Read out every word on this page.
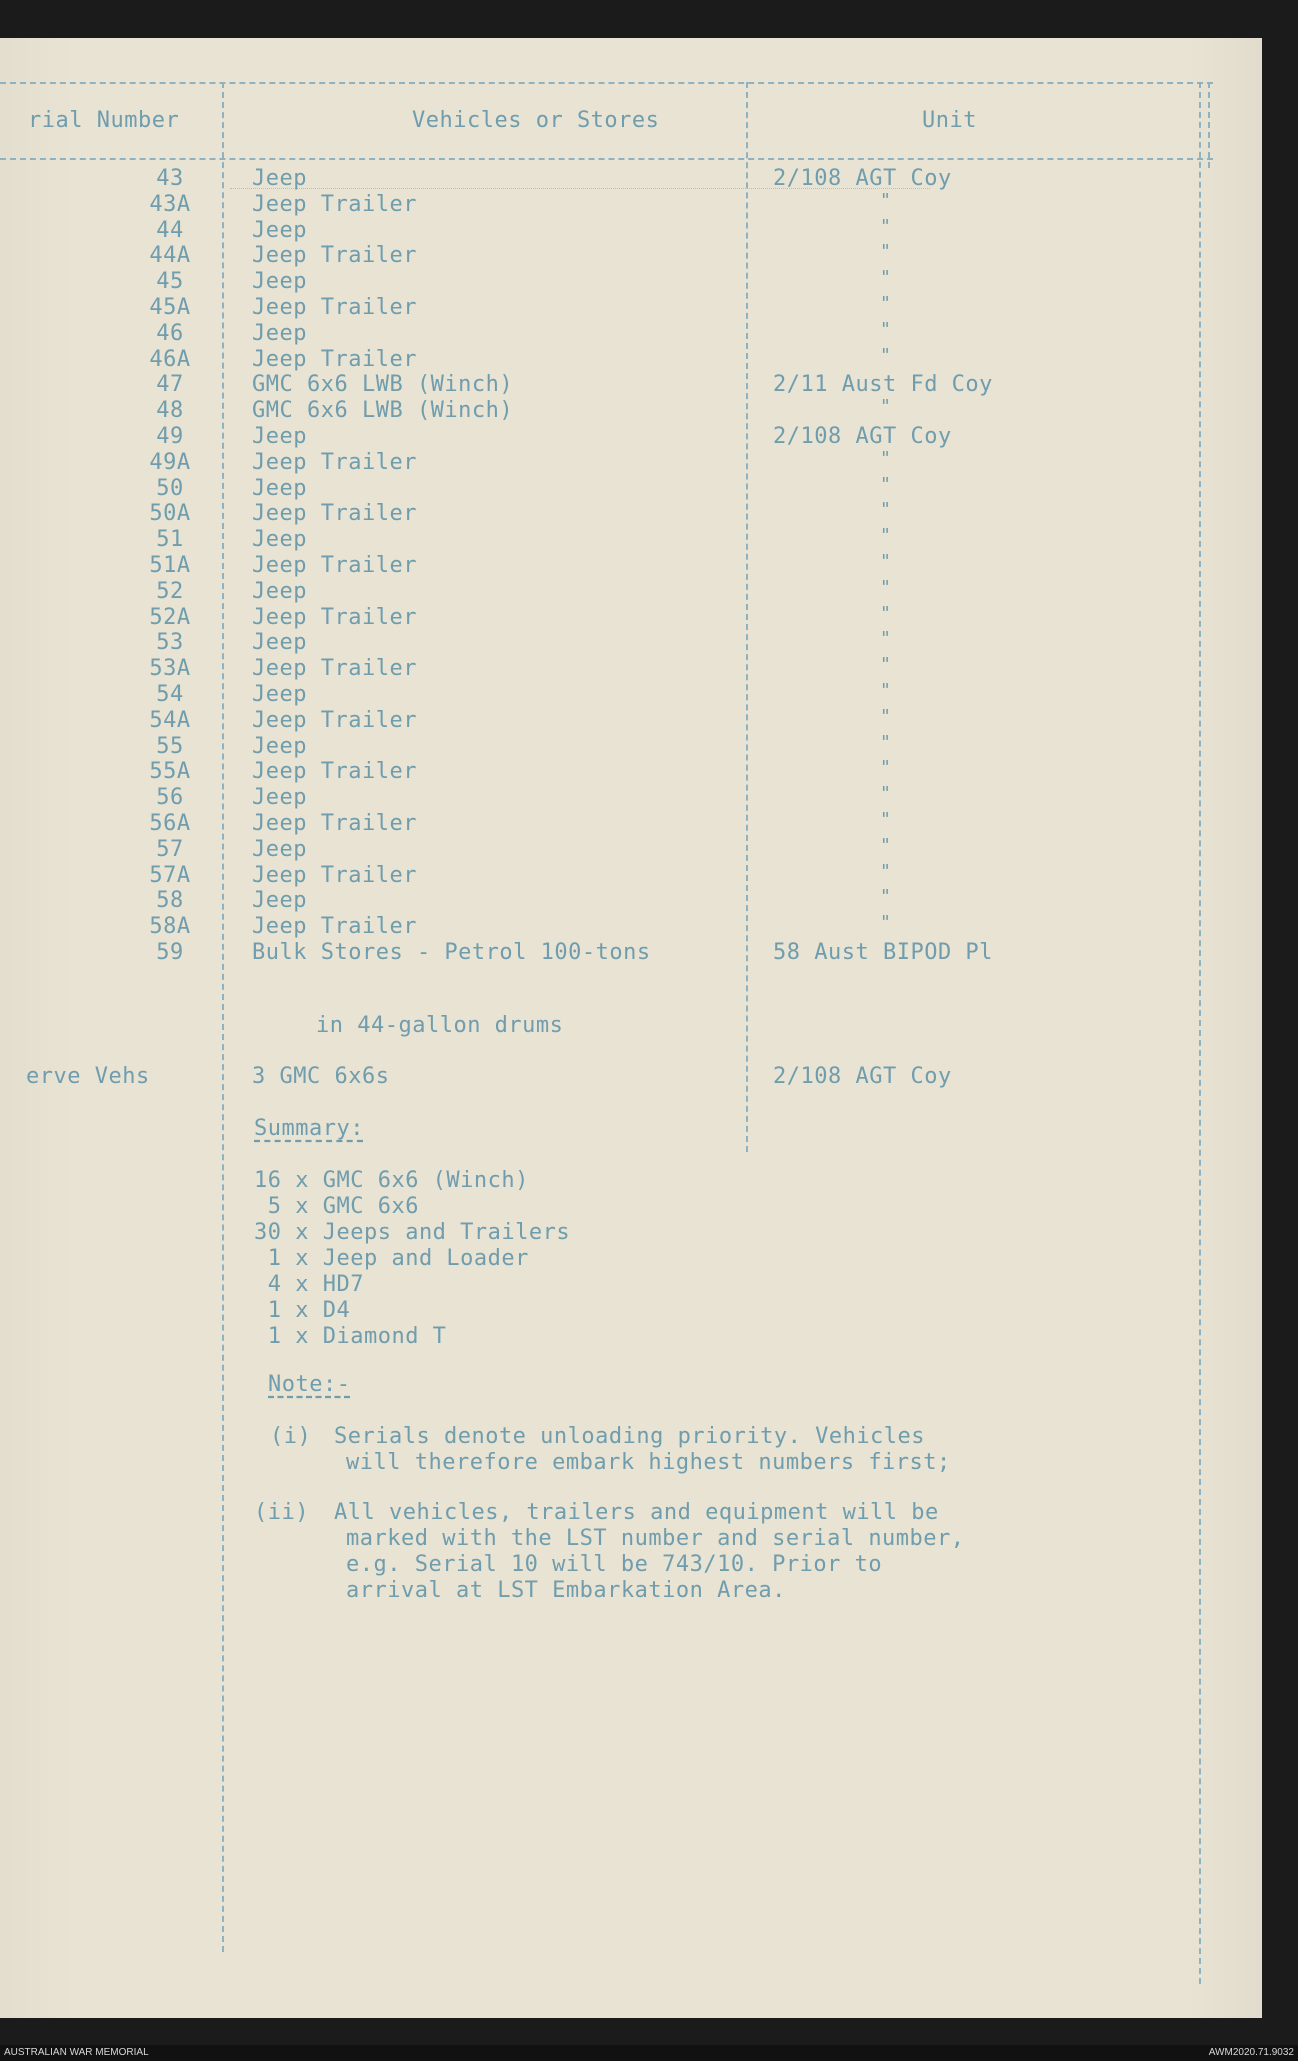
rial Number	Vehicles or Stores	Unit
43	Jeep	2/108 AGT Coy
43A	Jeep Trailer	"
44	Jeep	"
44A	Jeep Trailer	"
45	Jeep	"
45A	Jeep Trailer	"
46	Jeep	"
46A	Jeep Trailer	"
47	GMC 6x6 LWB (Winch)	2/11 Aust Fd Coy
48	GMC 6x6 LWB (Winch)	"
49	Jeep	2/108 AGT Coy
49A	Jeep Trailer	"
50	Jeep	"
50A	Jeep Trailer	"
51	Jeep	"
51A	Jeep Trailer	"
52	Jeep	"
52A	Jeep Trailer	"
53	Jeep	"
53A	Jeep Trailer	"
54	Jeep	"
54A	Jeep Trailer	"
55	Jeep	"
55A	Jeep Trailer	"
56	Jeep	"
56A	Jeep Trailer	"
57	Jeep	"
57A	Jeep Trailer	"
58	Jeep	"
58A	Jeep Trailer	"
59	Bulk Stores - Petrol 100-tons	58 Aust BIPOD Pl
in 44-gallon drums
erve Vehs	3 GMC 6x6s	2/108 AGT Coy
Summary:
16 x GMC 6x6 (Winch)
5 x GMC 6x6
30 x Jeeps and Trailers
1 x Jeep and Loader
4 x HD7
1 x D4
1 x Diamond T
Note:-
(i) Serials denote unloading priority. Vehicles
will therefore embark highest numbers first;
(ii) All vehicles, trailers and equipment will be
marked with the LST number and serial number,
e.g. Serial 10 will be 743/10. Prior to
arrival at LST Embarkation Area.
AUSTRALIAN WAR MEMORIAL	AWM2020.71.9032
